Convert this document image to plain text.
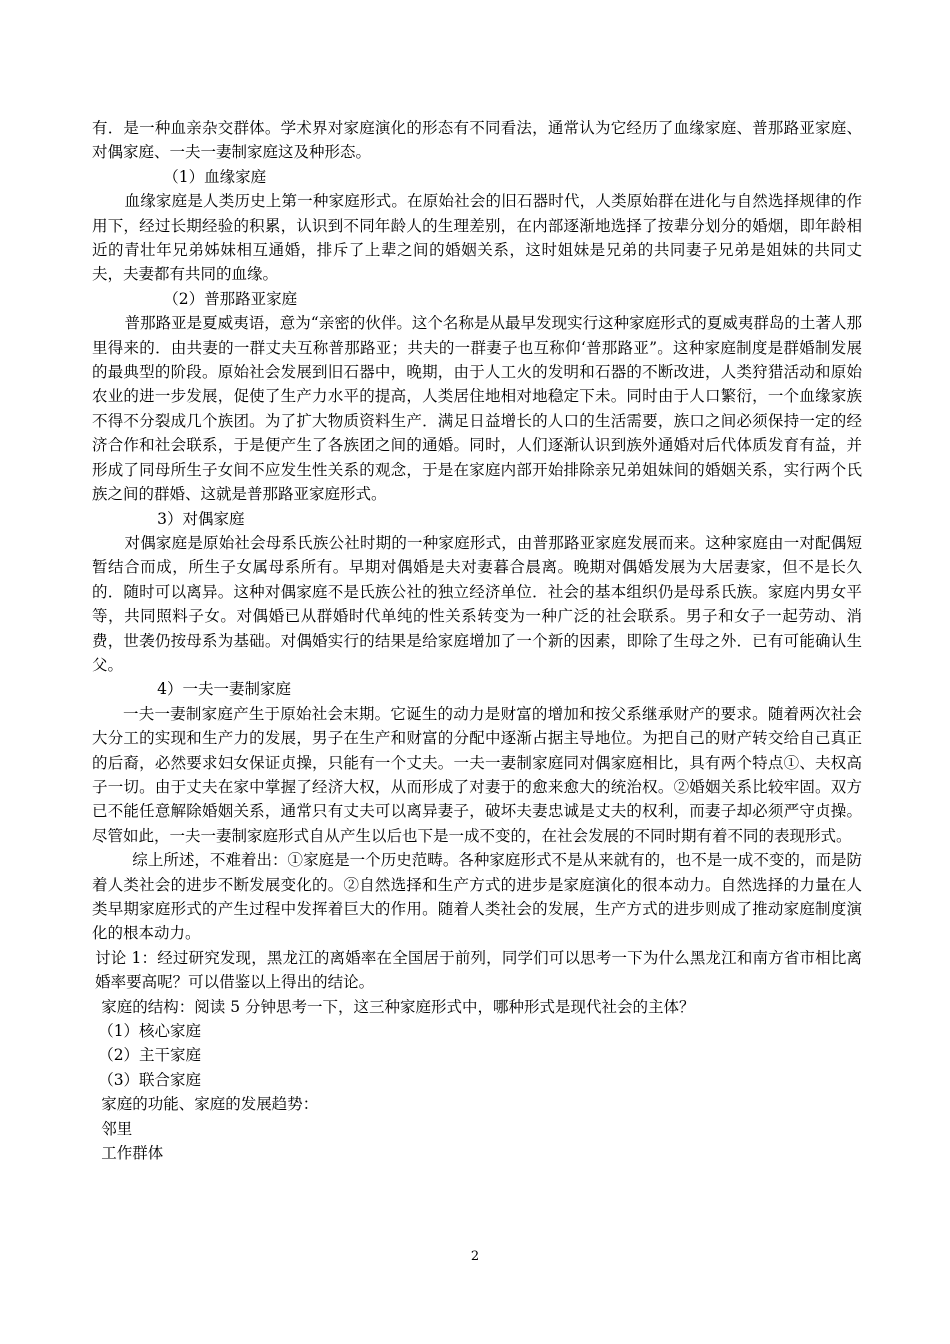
有．是一种血亲杂交群体。学术界对家庭演化的形态有不同看法，通常认为它经历了血缘家庭、普那路亚家庭、对偶家庭、一夫一妻制家庭这及种形态。

（1）血缘家庭

血缘家庭是人类历史上第一种家庭形式。在原始社会的旧石器时代，人类原始群在进化与自然选择规律的作用下，经过长期经验的积累，认识到不同年龄人的生理差别，在内部逐渐地选择了按辈分划分的婚烟，即年龄相近的青壮年兄弟姊妹相互通婚，排斥了上辈之间的婚姻关系，这时姐妹是兄弟的共同妻子兄弟是姐妹的共同丈夫，夫妻都有共同的血缘。

（2）普那路亚家庭

普那路亚是夏威夷语，意为“亲密的伙伴。这个名称是从最早发现实行这种家庭形式的夏威夷群岛的土著人那里得来的．由共妻的一群丈夫互称普那路亚；共夫的一群妻子也互称仰‘普那路亚”。这种家庭制度是群婚制发展的最典型的阶段。原始社会发展到旧石器中，晚期，由于人工火的发明和石器的不断改进，人类狩猎活动和原始农业的进一步发展，促使了生产力水平的提高，人类居住地相对地稳定下未。同时由于人口繁衍，一个血缘家族不得不分裂成几个族团。为了扩大物质资料生产．满足日益增长的人口的生活需要，族口之间必须保持一定的经济合作和社会联系，于是便产生了各族团之间的通婚。同时，人们逐渐认识到族外通婚对后代体质发育有益，并形成了同母所生子女间不应发生性关系的观念，于是在家庭内部开始排除亲兄弟姐妹间的婚姻关系，实行两个氏族之间的群婚、这就是普那路亚家庭形式。

3）对偶家庭

对偶家庭是原始社会母系氏族公社时期的一种家庭形式，由普那路亚家庭发展而来。这种家庭由一对配偶短暂结合而成，所生子女属母系所有。早期对偶婚是夫对妻暮合晨离。晚期对偶婚发展为大居妻家，但不是长久的．随时可以离异。这种对偶家庭不是氏族公社的独立经济单位．社会的基本组织仍是母系氏族。家庭内男女平等，共同照料子女。对偶婚已从群婚时代单纯的性关系转变为一种广泛的社会联系。男子和女子一起劳动、消费，世袭仍按母系为基础。对偶婚实行的结果是给家庭增加了一个新的因素，即除了生母之外．已有可能确认生父。

4）一夫一妻制家庭

一夫一妻制家庭产生于原始社会末期。它诞生的动力是财富的增加和按父系继承财产的要求。随着两次社会大分工的实现和生产力的发展，男子在生产和财富的分配中逐渐占据主导地位。为把自己的财产转交给自己真正的后裔，必然要求妇女保证贞操，只能有一个丈夫。一夫一妻制家庭同对偶家庭相比，具有两个特点①、夫权高子一切。由于丈夫在家中掌握了经济大权，从而形成了对妻于的愈来愈大的统治权。②婚姻关系比较牢固。双方已不能任意解除婚姻关系，通常只有丈夫可以离异妻子，破坏夫妻忠诚是丈夫的权利，而妻子却必须严守贞操。尽管如此，一夫一妻制家庭形式自从产生以后也下是一成不变的，在社会发展的不同时期有着不同的表现形式。

综上所述，不难着出：①家庭是一个历史范畴。各种家庭形式不是从来就有的，也不是一成不变的，而是防着人类社会的进步不断发展变化的。②自然选择和生产方式的进步是家庭演化的很本动力。自然选择的力量在人类早期家庭形式的产生过程中发挥着巨大的作用。随着人类社会的发展，生产方式的进步则成了推动家庭制度演化的根本动力。

讨论 1：经过研究发现，黑龙江的离婚率在全国居于前列，同学们可以思考一下为什么黑龙江和南方省市相比离婚率要高呢？可以借鉴以上得出的结论。

家庭的结构：阅读 5 分钟思考一下，这三种家庭形式中，哪种形式是现代社会的主体？

（1）核心家庭

（2）主干家庭

（3）联合家庭

家庭的功能、家庭的发展趋势：

邻里

工作群体

2
